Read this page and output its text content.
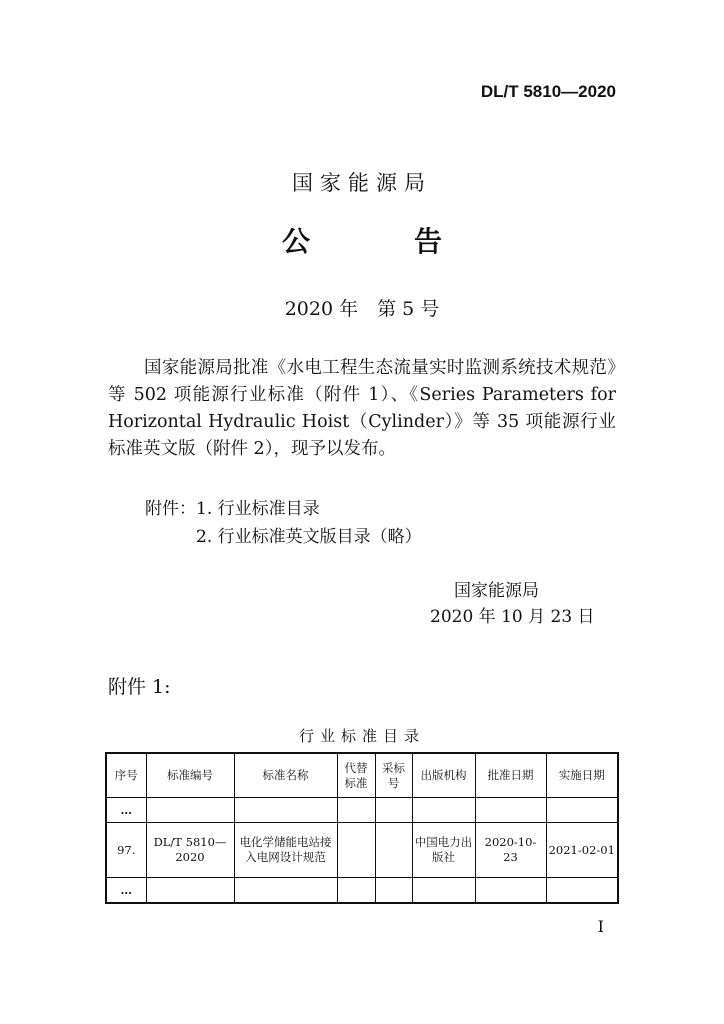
DL/T 5810—2020
国家能源局
公　告
2020 年　第 5 号
国家能源局批准《水电工程生态流量实时监测系统技术规范》等 502 项能源行业标准（附件 1）、《Series Parameters for Horizontal Hydraulic Hoist（Cylinder）》等 35 项能源行业标准英文版（附件 2），现予以发布。
附件：1. 行业标准目录
2. 行业标准英文版目录（略）
国家能源局
2020 年 10 月 23 日
附件 1:
行业标准目录
序号	标准编号	标准名称	代替标准	采标号	出版机构	批准日期	实施日期
…							
97.	DL/T 5810—2020	电化学储能电站接入电网设计规范			中国电力出版社	2020-10-23	2021-02-01
…							
I
